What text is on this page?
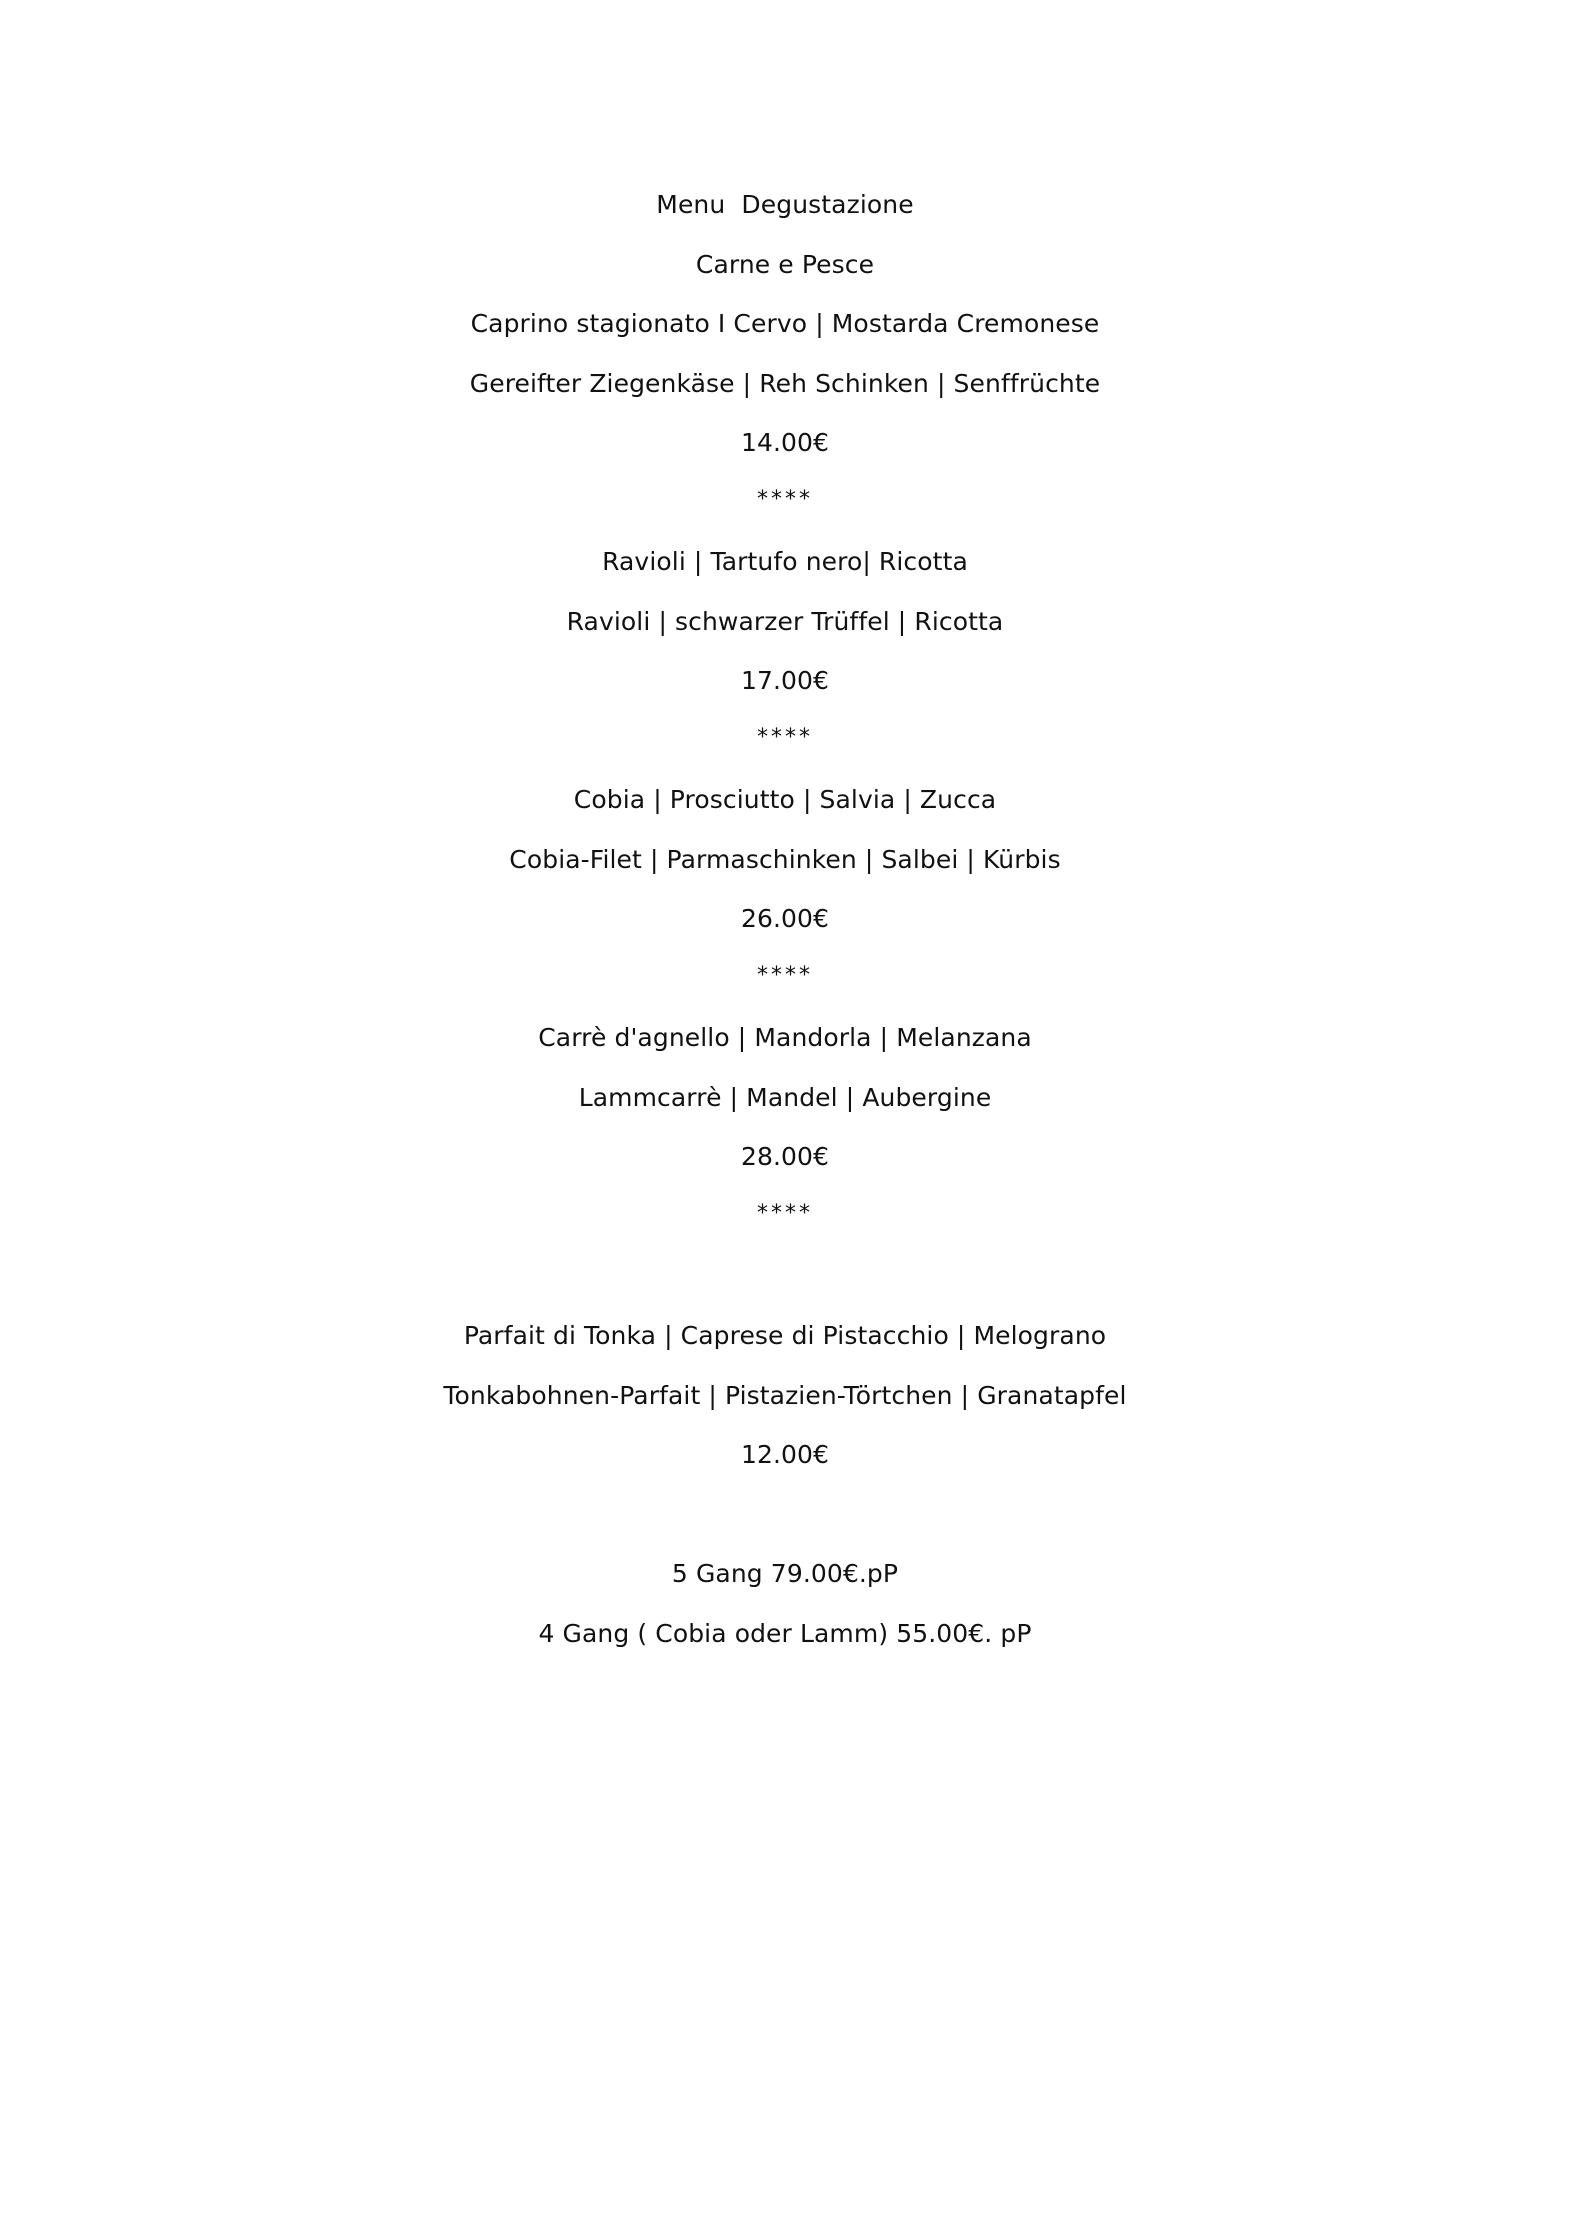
Menu  Degustazione
Carne e Pesce
Caprino stagionato I Cervo | Mostarda Cremonese
Gereifter Ziegenkäse | Reh Schinken | Senffrüchte
14.00€
****
Ravioli | Tartufo nero| Ricotta
Ravioli | schwarzer Trüffel | Ricotta
17.00€
****
Cobia | Prosciutto | Salvia | Zucca
Cobia-Filet | Parmaschinken | Salbei | Kürbis
26.00€
****
Carrè d'agnello | Mandorla | Melanzana
Lammcarrè | Mandel | Aubergine
28.00€
****
Parfait di Tonka | Caprese di Pistacchio | Melograno
Tonkabohnen-Parfait | Pistazien-Törtchen | Granatapfel
12.00€
5 Gang 79.00€.pP
4 Gang ( Cobia oder Lamm) 55.00€. pP
